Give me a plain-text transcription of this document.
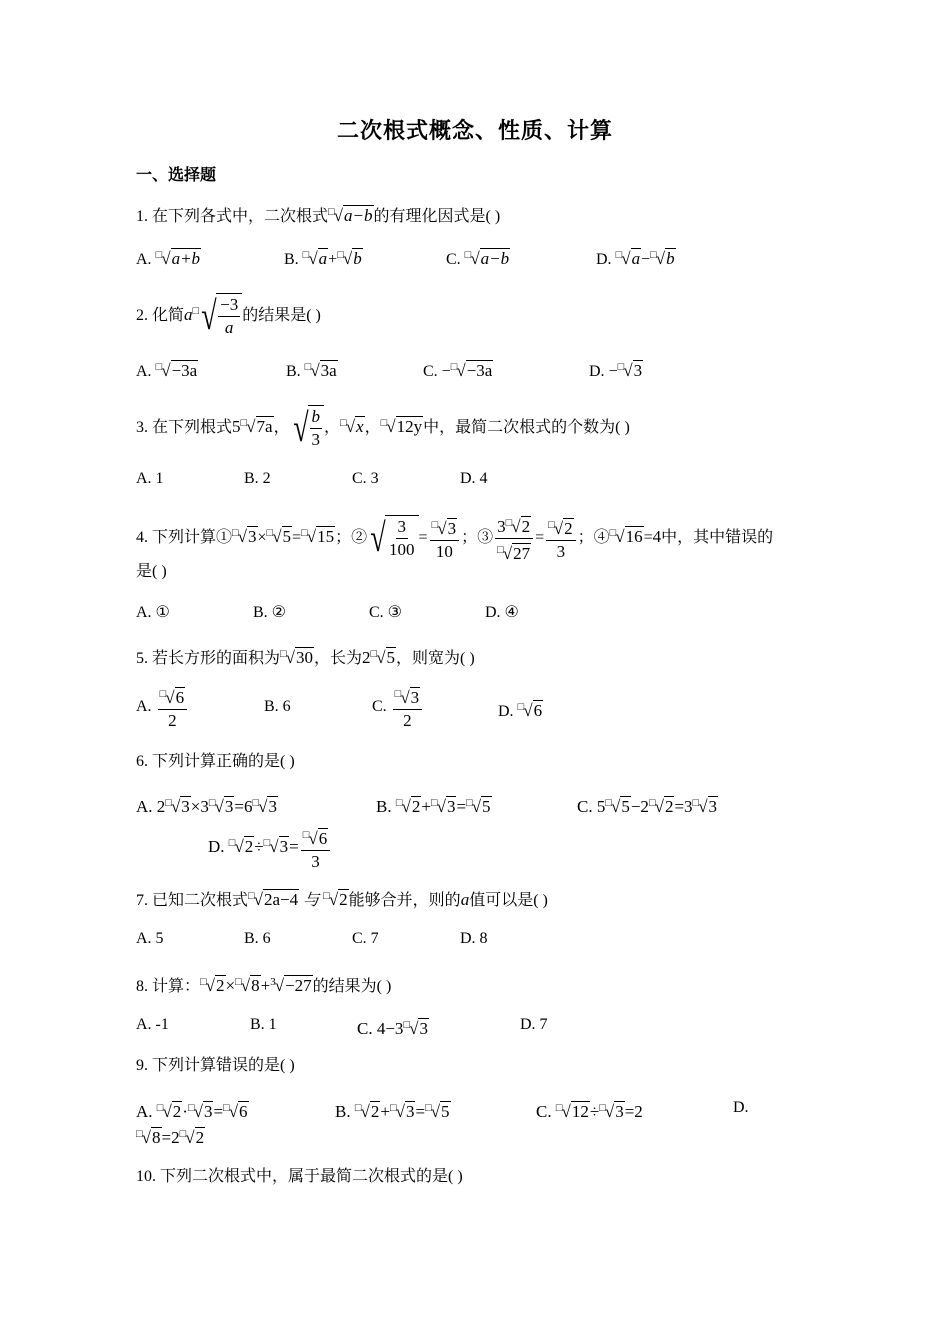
二次根式概念、性质、计算
一、选择题
1. 在下列各式中，二次根式□√a−b的有理化因式是( )
A. □√a+b	B. □√a+□√b	C. □√a−b	D. □√a−□√b
2. 化简a□ √ $\frac{-3}{a}$ 的结果是( )
A. □√−3a	B. □√3a	C. −□√−3a	D. −□√3
3. 在下列根式5□√7a， √ $\frac{b}{3}$ ，□√x，□√12y中，最简二次根式的个数为( )
A. 1	B. 2	C. 3	D. 4
4. 下列计算①□√3×□√5=□√15；② √ $\frac{3}{100} = \frac{□√3}{10}$ ；③ $\frac{3□√2}{□√27} = \frac{□√2}{3}$ ；④□√16=4中，其中错误的
是( )
A. ①	B. ②	C. ③	D. ④
5. 若长方形的面积为□√30，长为2□√5，则宽为( )
A. $\frac{□√6}{2}$	B. 6	C. $\frac{□√3}{2}$	D. □√6
6. 下列计算正确的是( )
A. 2□√3×3□√3=6□√3	B. □√2+□√3=□√5	C. 5□√5−2□√2=3□√3
D. □√2÷□√3= $\frac{□√6}{3}$
7. 已知二次根式□√2a−4 与 □√2能够合并，则的a值可以是( )
A. 5	B. 6	C. 7	D. 8
8. 计算：□√2×□√8+3√−27的结果为( )
A. -1	B. 1	C. 4−3□√3	D. 7
9. 下列计算错误的是( )
A. □√2·□√3=□√6	B. □√2+□√3=□√5	C. □√12÷□√3=2	D.
□√8=2□√2
10. 下列二次根式中，属于最简二次根式的是( )
